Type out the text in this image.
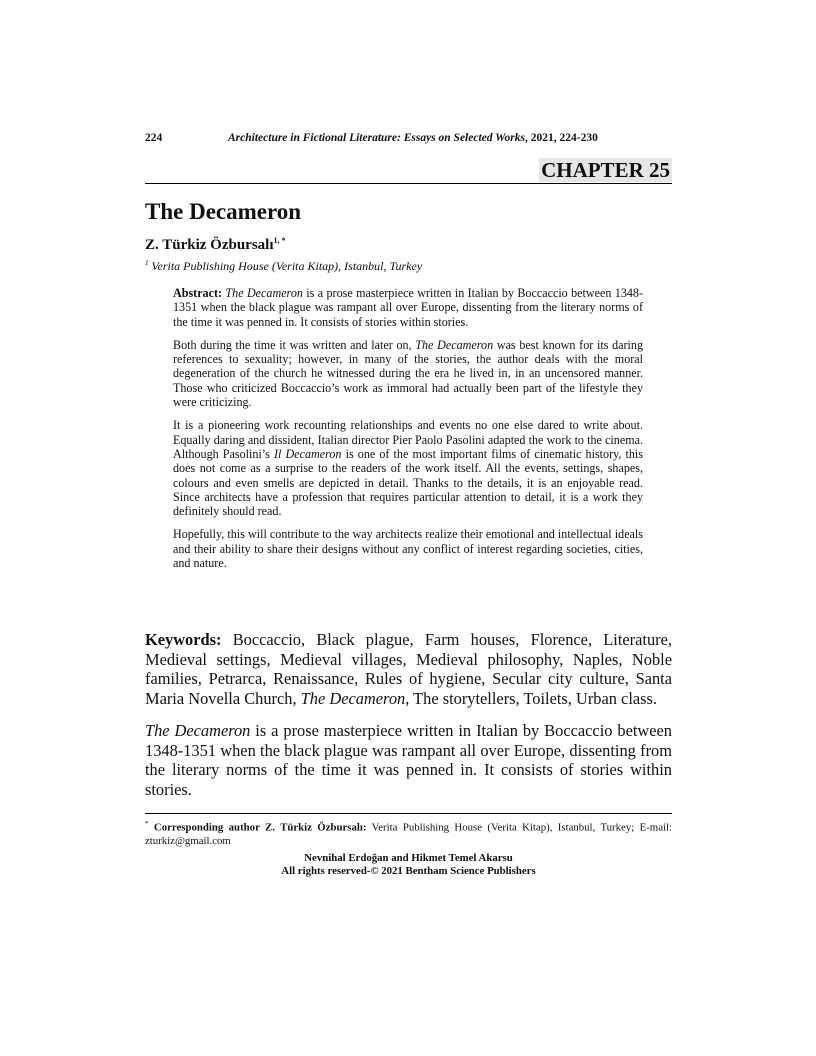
224	Architecture in Fictional Literature: Essays on Selected Works, 2021, 224-230
CHAPTER 25
The Decameron
Z. Türkiz Özbursalı$^{1, *}$
$^1$ Verita Publishing House (Verita Kitap), Istanbul, Turkey

Abstract: The Decameron is a prose masterpiece written in Italian by Boccaccio between 1348-1351 when the black plague was rampant all over Europe, dissenting from the literary norms of the time it was penned in. It consists of stories within stories.

Both during the time it was written and later on, The Decameron was best known for its daring references to sexuality; however, in many of the stories, the author deals with the moral degeneration of the church he witnessed during the era he lived in, in an uncensored manner. Those who criticized Boccaccio’s work as immoral had actually been part of the lifestyle they were criticizing.

It is a pioneering work recounting relationships and events no one else dared to write about. Equally daring and dissident, Italian director Pier Paolo Pasolini adapted the work to the cinema. Although Pasolini’s Il Decameron is one of the most important films of cinematic history, this does not come as a surprise to the readers of the work itself. All the events, settings, shapes, colours and even smells are depicted in detail. Thanks to the details, it is an enjoyable read. Since architects have a profession that requires particular attention to detail, it is a work they definitely should read.

Hopefully, this will contribute to the way architects realize their emotional and intellectual ideals and their ability to share their designs without any conflict of interest regarding societies, cities, and nature.

Keywords: Boccaccio, Black plague, Farm houses, Florence, Literature, Medieval settings, Medieval villages, Medieval philosophy, Naples, Noble families, Petrarca, Renaissance, Rules of hygiene, Secular city culture, Santa Maria Novella Church, The Decameron, The storytellers, Toilets, Urban class.

The Decameron is a prose masterpiece written in Italian by Boccaccio between 1348-1351 when the black plague was rampant all over Europe, dissenting from the literary norms of the time it was penned in. It consists of stories within stories.

* Corresponding author Z. Türkiz Özbursalı: Verita Publishing House (Verita Kitap), Istanbul, Turkey; E-mail: zturkiz@gmail.com
Nevnihal Erdoğan and Hikmet Temel Akarsu
All rights reserved-© 2021 Bentham Science Publishers
